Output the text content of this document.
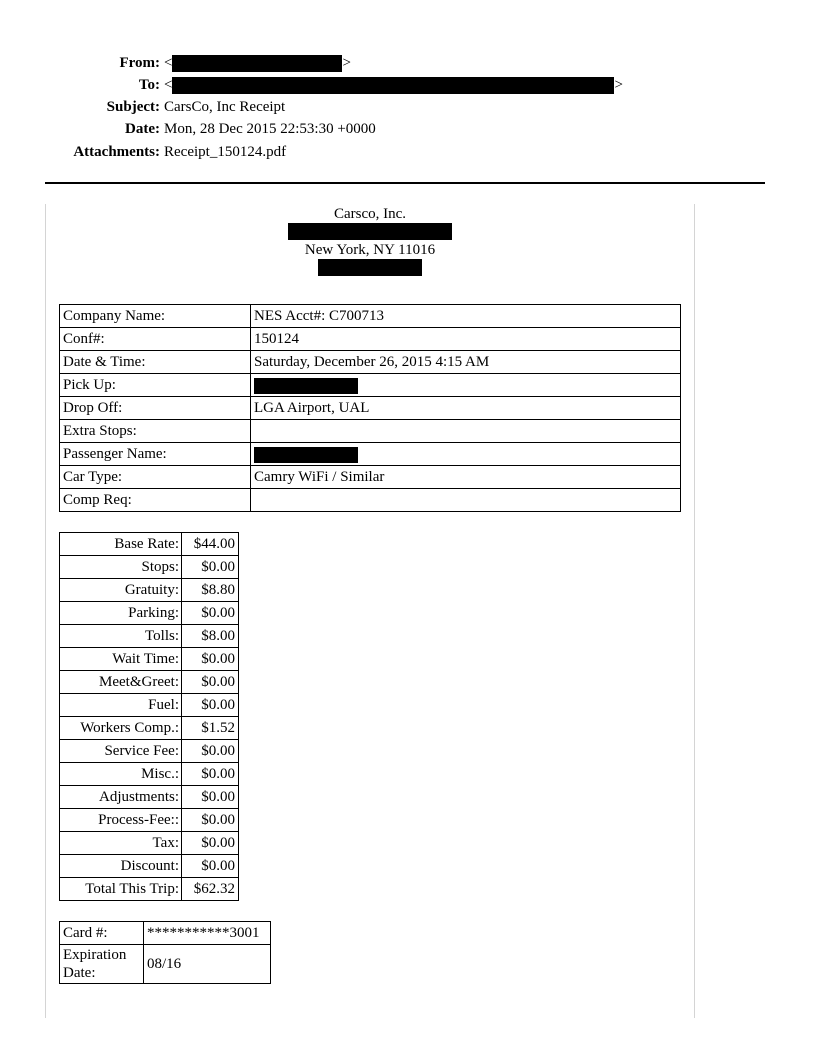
From: <	>
To: <	>
Subject: CarsCo, Inc Receipt
Date: Mon, 28 Dec 2015 22:53:30 +0000
Attachments: Receipt_150124.pdf
Carsco, Inc.
New York, NY 11016
Company Name:	NES Acct#: C700713
Conf#:	150124
Date & Time:	Saturday, December 26, 2015 4:15 AM
Pick Up:	
Drop Off:	LGA Airport, UAL
Extra Stops:	
Passenger Name:	
Car Type:	Camry WiFi / Similar
Comp Req:	
Base Rate:	$44.00
Stops:	$0.00
Gratuity:	$8.80
Parking:	$0.00
Tolls:	$8.00
Wait Time:	$0.00
Meet&Greet:	$0.00
Fuel:	$0.00
Workers Comp.:	$1.52
Service Fee:	$0.00
Misc.:	$0.00
Adjustments:	$0.00
Process-Fee::	$0.00
Tax:	$0.00
Discount:	$0.00
Total This Trip:	$62.32
Card #:	***********3001
Expiration
Date:	08/16
